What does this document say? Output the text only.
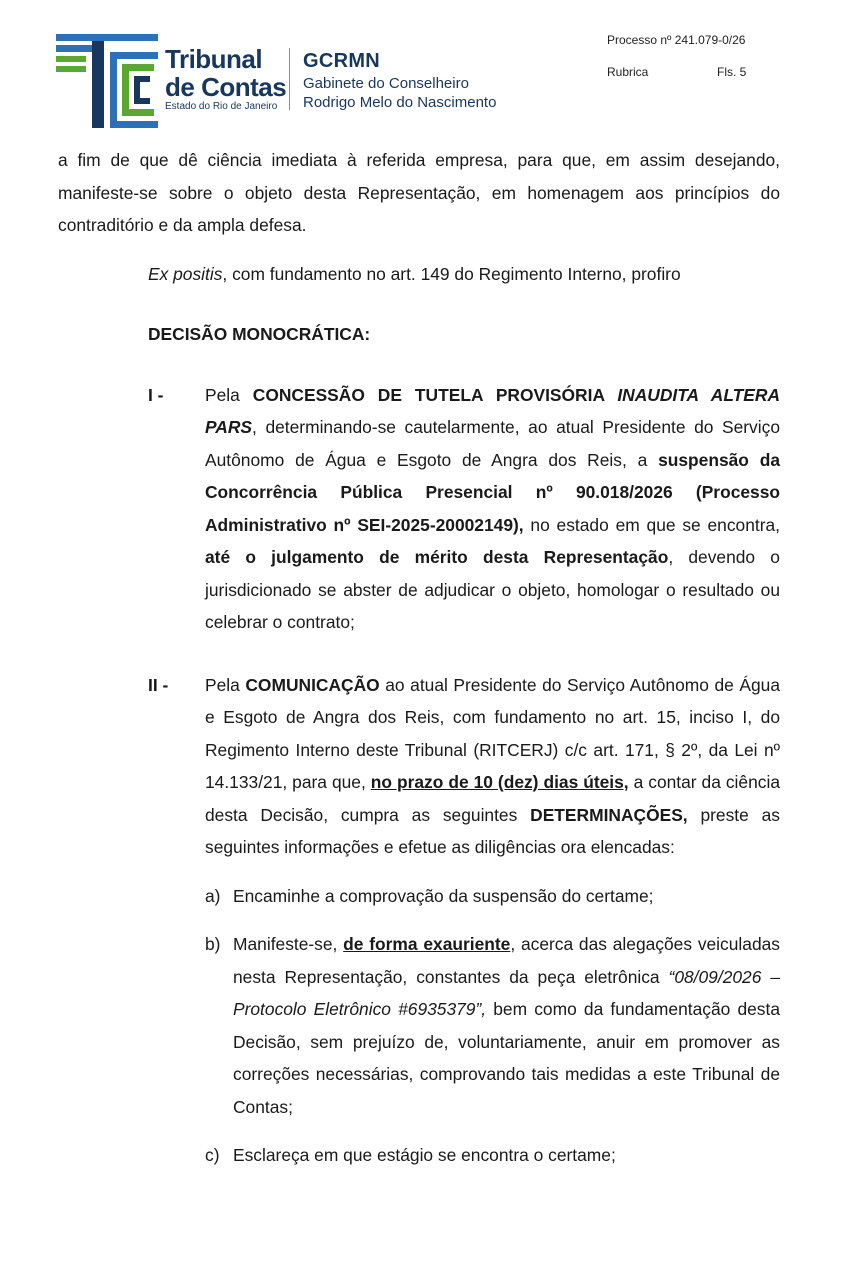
Tribunal
de Contas
Estado do Rio de Janeiro
GCRMN
Gabinete do Conselheiro
Rodrigo Melo do Nascimento
Processo nº 241.079-0/26
Rubrica	Fls. 5

a fim de que dê ciência imediata à referida empresa, para que, em assim desejando, manifeste-se sobre o objeto desta Representação, em homenagem aos princípios do contraditório e da ampla defesa.

Ex positis, com fundamento no art. 149 do Regimento Interno, profiro

DECISÃO MONOCRÁTICA:

I -	Pela CONCESSÃO DE TUTELA PROVISÓRIA INAUDITA ALTERA PARS, determinando-se cautelarmente, ao atual Presidente do Serviço Autônomo de Água e Esgoto de Angra dos Reis, a suspensão da Concorrência Pública Presencial nº 90.018/2026 (Processo Administrativo nº SEI-2025-20002149), no estado em que se encontra, até o julgamento de mérito desta Representação, devendo o jurisdicionado se abster de adjudicar o objeto, homologar o resultado ou celebrar o contrato;
II -	Pela COMUNICAÇÃO ao atual Presidente do Serviço Autônomo de Água e Esgoto de Angra dos Reis, com fundamento no art. 15, inciso I, do Regimento Interno deste Tribunal (RITCERJ) c/c art. 171, § 2º, da Lei nº 14.133/21, para que, no prazo de 10 (dez) dias úteis, a contar da ciência desta Decisão, cumpra as seguintes DETERMINAÇÕES, preste as seguintes informações e efetue as diligências ora elencadas:
a) Encaminhe a comprovação da suspensão do certame;
b) Manifeste-se, de forma exauriente, acerca das alegações veiculadas nesta Representação, constantes da peça eletrônica “08/09/2026 – Protocolo Eletrônico #6935379”, bem como da fundamentação desta Decisão, sem prejuízo de, voluntariamente, anuir em promover as correções necessárias, comprovando tais medidas a este Tribunal de Contas;
c) Esclareça em que estágio se encontra o certame;
